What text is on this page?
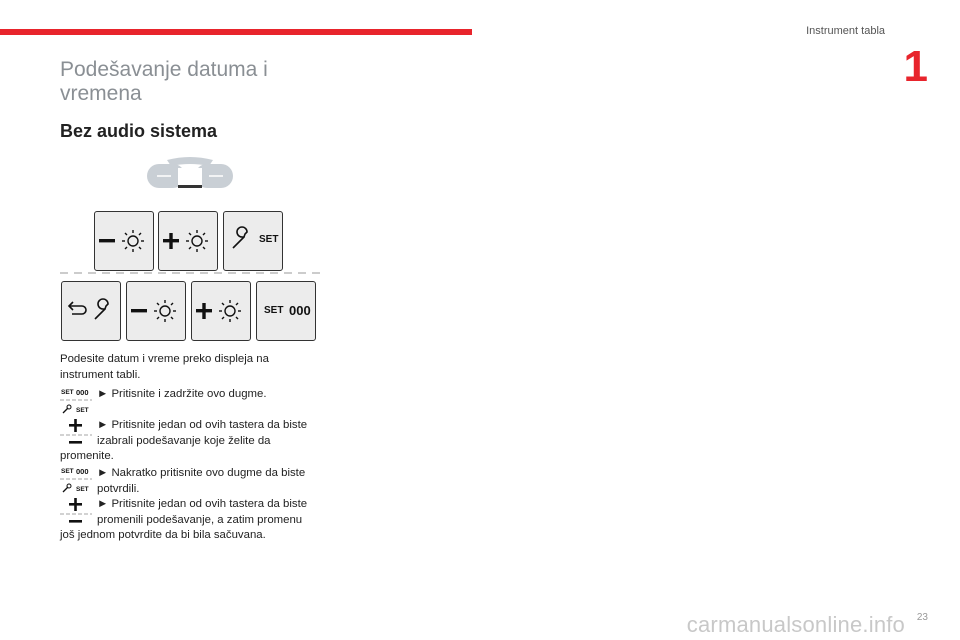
Instrument tabla
1
Podešavanje datuma i vremena
Bez audio sistema
SET
SET 000
Podesite datum i vreme preko displeja na instrument tabli.
SET 000
SET
► Pritisnite i zadržite ovo dugme.
► Pritisnite jedan od ovih tastera da biste
izabrali podešavanje koje želite da
promenite.
SET 000
SET
► Nakratko pritisnite ovo dugme da biste
potvrdili.
► Pritisnite jedan od ovih tastera da biste
promenili podešavanje, a zatim promenu
još jednom potvrdite da bi bila sačuvana.
carmanualsonline.info 23
